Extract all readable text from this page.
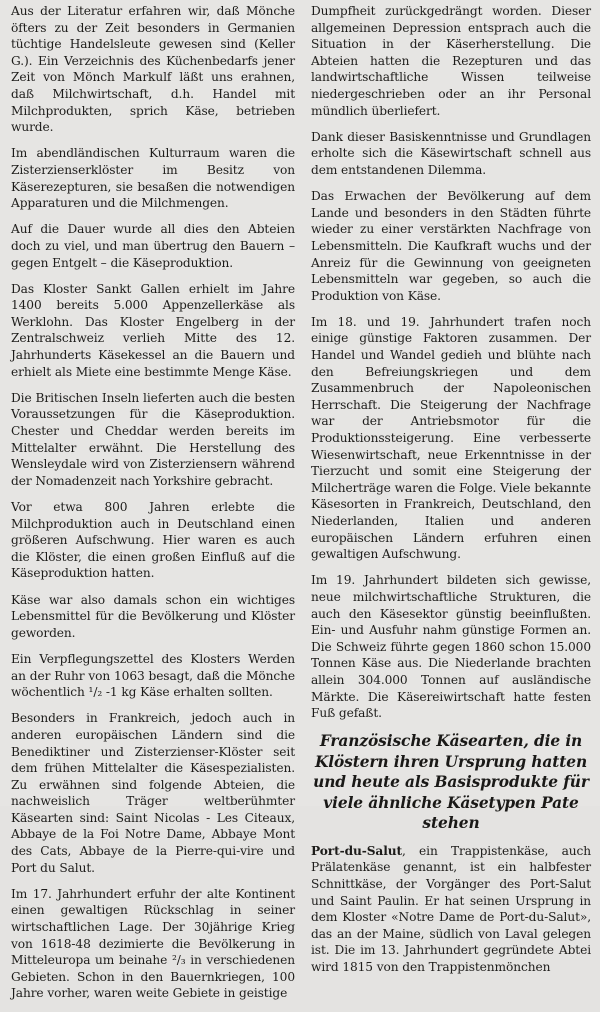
Aus der Literatur erfahren wir, daß Mönche öfters zu der Zeit besonders in Germanien tüchtige Handelsleute gewesen sind (Keller G.). Ein Verzeichnis des Küchenbedarfs jener Zeit von Mönch Markulf läßt uns erahnen, daß Milchwirtschaft, d.h. Handel mit Milchprodukten, sprich Käse, betrieben wurde.

Im abendländischen Kulturraum waren die Zisterzienserklöster im Besitz von Käserezepturen, sie besaßen die notwendigen Apparaturen und die Milchmengen.

Auf die Dauer wurde all dies den Abteien doch zu viel, und man übertrug den Bauern – gegen Entgelt – die Käseproduktion.

Das Kloster Sankt Gallen erhielt im Jahre 1400 bereits 5.000 Appenzellerkäse als Werklohn. Das Kloster Engelberg in der Zentralschweiz verlieh Mitte des 12. Jahrhunderts Käsekessel an die Bauern und erhielt als Miete eine bestimmte Menge Käse.

Die Britischen Inseln lieferten auch die besten Voraussetzungen für die Käseproduktion. Chester und Cheddar werden bereits im Mittelalter erwähnt. Die Herstellung des Wensleydale wird von Zisterziensern während der Nomadenzeit nach Yorkshire gebracht.

Vor etwa 800 Jahren erlebte die Milchproduktion auch in Deutschland einen größeren Aufschwung. Hier waren es auch die Klöster, die einen großen Einfluß auf die Käseproduktion hatten.

Käse war also damals schon ein wichtiges Lebensmittel für die Bevölkerung und Klöster geworden.

Ein Verpflegungszettel des Klosters Werden an der Ruhr von 1063 besagt, daß die Mönche wöchentlich ¹/₂ -1 kg Käse erhalten sollten.

Besonders in Frankreich, jedoch auch in anderen europäischen Ländern sind die Benediktiner und Zisterzienser-Klöster seit dem frühen Mittelalter die Käsespezialisten. Zu erwähnen sind folgende Abteien, die nachweislich Träger weltberühmter Käsearten sind: Saint Nicolas - Les Citeaux, Abbaye de la Foi Notre Dame, Abbaye Mont des Cats, Abbaye de la Pierre-qui-vire und Port du Salut.

Im 17. Jahrhundert erfuhr der alte Kontinent einen gewaltigen Rückschlag in seiner wirtschaftlichen Lage. Der 30jährige Krieg von 1618-48 dezimierte die Bevölkerung in Mitteleuropa um beinahe ²/₃ in verschiedenen Gebieten. Schon in den Bauernkriegen, 100 Jahre vorher, waren weite Gebiete in geistige

Dumpfheit zurückgedrängt worden. Dieser allgemeinen Depression entsprach auch die Situation in der Käserherstellung. Die Abteien hatten die Rezepturen und das landwirtschaftliche Wissen teilweise niedergeschrieben oder an ihr Personal mündlich überliefert.

Dank dieser Basiskenntnisse und Grundlagen erholte sich die Käsewirtschaft schnell aus dem entstandenen Dilemma.

Das Erwachen der Bevölkerung auf dem Lande und besonders in den Städten führte wieder zu einer verstärkten Nachfrage von Lebensmitteln. Die Kaufkraft wuchs und der Anreiz für die Gewinnung von geeigneten Lebensmitteln war gegeben, so auch die Produktion von Käse.

Im 18. und 19. Jahrhundert trafen noch einige günstige Faktoren zusammen. Der Handel und Wandel gedieh und blühte nach den Befreiungskriegen und dem Zusammenbruch der Napoleonischen Herrschaft. Die Steigerung der Nachfrage war der Antriebsmotor für die Produktionssteigerung. Eine verbesserte Wiesenwirtschaft, neue Erkenntnisse in der Tierzucht und somit eine Steigerung der Milcherträge waren die Folge. Viele bekannte Käsesorten in Frankreich, Deutschland, den Niederlanden, Italien und anderen europäischen Ländern erfuhren einen gewaltigen Aufschwung.

Im 19. Jahrhundert bildeten sich gewisse, neue milchwirtschaftliche Strukturen, die auch den Käsesektor günstig beeinflußten. Ein- und Ausfuhr nahm günstige Formen an. Die Schweiz führte gegen 1860 schon 15.000 Tonnen Käse aus. Die Niederlande brachten allein 304.000 Tonnen auf ausländische Märkte. Die Käsereiwirtschaft hatte festen Fuß gefaßt.

Französische Käsearten, die in Klöstern ihren Ursprung hatten und heute als Basisprodukte für viele ähnliche Käsetypen Pate stehen

Port-du-Salut, ein Trappistenkäse, auch Prälatenkäse genannt, ist ein halbfester Schnittkäse, der Vorgänger des Port-Salut und Saint Paulin. Er hat seinen Ursprung in dem Kloster «Notre Dame de Port-du-Salut», das an der Maine, südlich von Laval gelegen ist. Die im 13. Jahrhundert gegründete Abtei wird 1815 von den Trappistenmönchen
